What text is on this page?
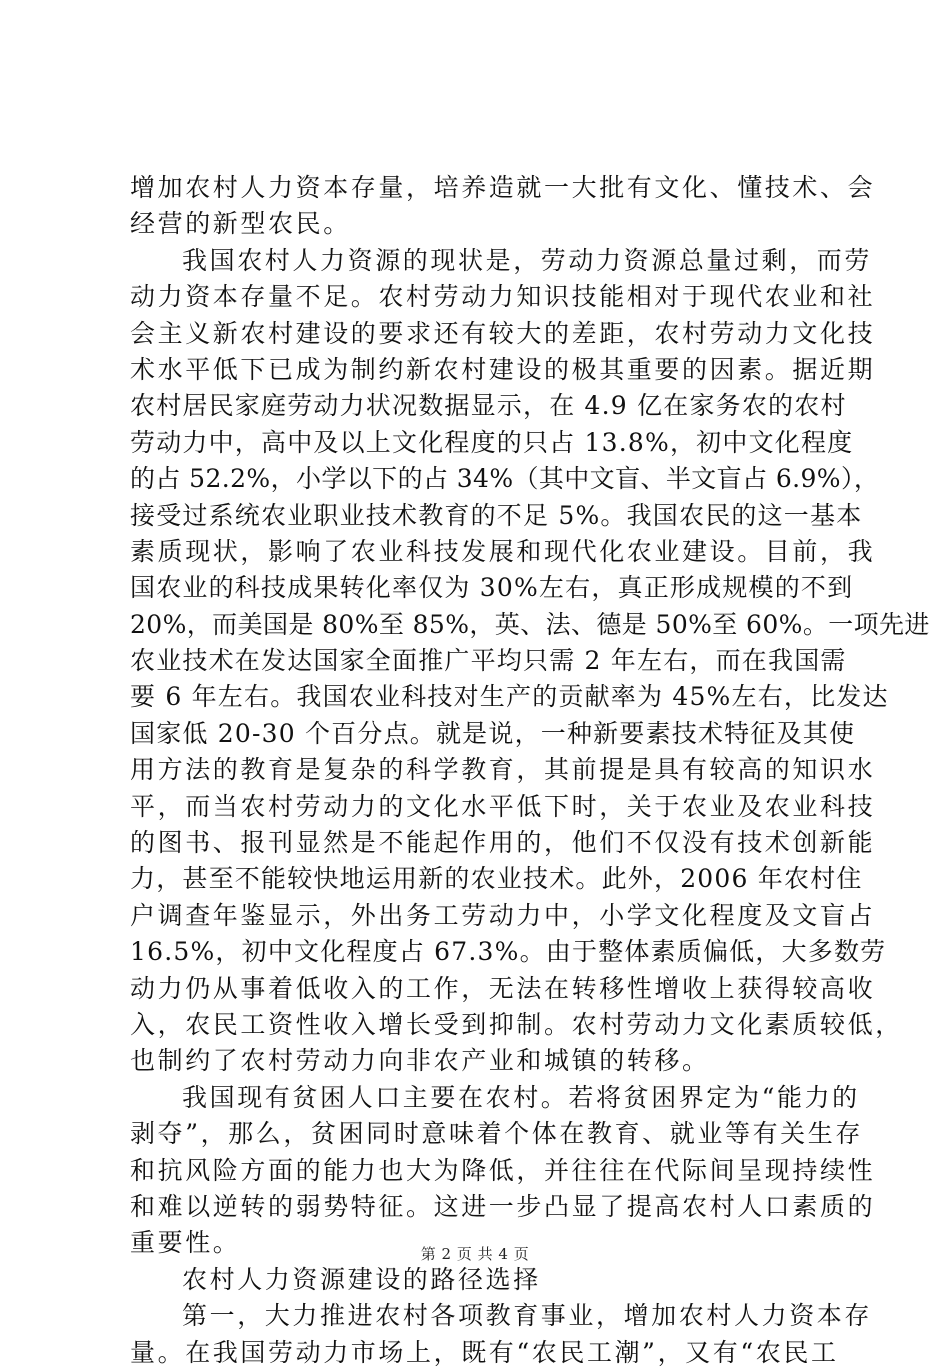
增加农村人力资本存量，培养造就一大批有文化、懂技术、会
经营的新型农民。
我国农村人力资源的现状是，劳动力资源总量过剩，而劳
动力资本存量不足。农村劳动力知识技能相对于现代农业和社
会主义新农村建设的要求还有较大的差距，农村劳动力文化技
术水平低下已成为制约新农村建设的极其重要的因素。据近期
农村居民家庭劳动力状况数据显示，在 4.9 亿在家务农的农村
劳动力中，高中及以上文化程度的只占 13.8%，初中文化程度
的占 52.2%，小学以下的占 34%（其中文盲、半文盲占 6.9%），
接受过系统农业职业技术教育的不足 5%。我国农民的这一基本
素质现状，影响了农业科技发展和现代化农业建设。目前，我
国农业的科技成果转化率仅为 30%左右，真正形成规模的不到
20%，而美国是 80%至 85%，英、法、德是 50%至 60%。一项先进
农业技术在发达国家全面推广平均只需 2 年左右，而在我国需
要 6 年左右。我国农业科技对生产的贡献率为 45%左右，比发达
国家低 20-30 个百分点。就是说，一种新要素技术特征及其使
用方法的教育是复杂的科学教育，其前提是具有较高的知识水
平，而当农村劳动力的文化水平低下时，关于农业及农业科技
的图书、报刊显然是不能起作用的，他们不仅没有技术创新能
力，甚至不能较快地运用新的农业技术。此外，2006 年农村住
户调查年鉴显示，外出务工劳动力中，小学文化程度及文盲占
16.5%，初中文化程度占 67.3%。由于整体素质偏低，大多数劳
动力仍从事着低收入的工作，无法在转移性增收上获得较高收
入，农民工资性收入增长受到抑制。农村劳动力文化素质较低，
也制约了农村劳动力向非农产业和城镇的转移。
我国现有贫困人口主要在农村。若将贫困界定为“能力的
剥夺”，那么，贫困同时意味着个体在教育、就业等有关生存
和抗风险方面的能力也大为降低，并往往在代际间呈现持续性
和难以逆转的弱势特征。这进一步凸显了提高农村人口素质的
重要性。
农村人力资源建设的路径选择
第一，大力推进农村各项教育事业，增加农村人力资本存
量。在我国劳动力市场上，既有“农民工潮”，又有“农民工
第 2 页 共 4 页
